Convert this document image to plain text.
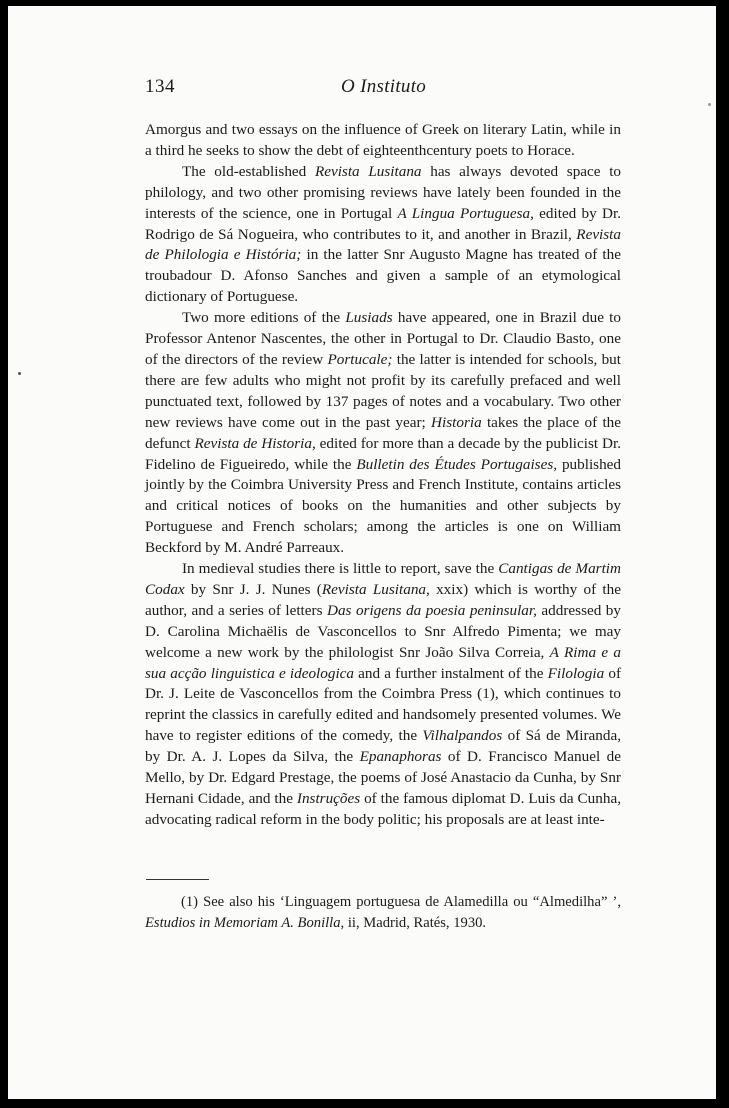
134	O Instituto

Amorgus and two essays on the influence of Greek on literary Latin, while in a third he seeks to show the debt of eighteenthcentury poets to Horace.

The old-established Revista Lusitana has always devoted space to philology, and two other promising reviews have lately been founded in the interests of the science, one in Portugal A Lingua Portuguesa, edited by Dr. Rodrigo de Sá Nogueira, who contributes to it, and another in Brazil, Revista de Philologia e História; in the latter Snr Augusto Magne has treated of the troubadour D. Afonso Sanches and given a sample of an etymological dictionary of Portuguese.

Two more editions of the Lusiads have appeared, one in Brazil due to Professor Antenor Nascentes, the other in Portugal to Dr. Claudio Basto, one of the directors of the review Portucale; the latter is intended for schools, but there are few adults who might not profit by its carefully prefaced and well punctuated text, followed by 137 pages of notes and a vocabulary. Two other new reviews have come out in the past year; Historia takes the place of the defunct Revista de Historia, edited for more than a decade by the publicist Dr. Fidelino de Figueiredo, while the Bulletin des Études Portugaises, published jointly by the Coimbra University Press and French Institute, contains articles and critical notices of books on the humanities and other subjects by Portuguese and French scholars; among the articles is one on William Beckford by M. André Parreaux.

In medieval studies there is little to report, save the Cantigas de Martim Codax by Snr J. J. Nunes (Revista Lusitana, xxix) which is worthy of the author, and a series of letters Das origens da poesia peninsular, addressed by D. Carolina Michaëlis de Vasconcellos to Snr Alfredo Pimenta; we may welcome a new work by the philologist Snr João Silva Correia, A Rima e a sua acção linguistica e ideologica and a further instalment of the Filologia of Dr. J. Leite de Vasconcellos from the Coimbra Press (1), which continues to reprint the classics in carefully edited and handsomely presented volumes. We have to register editions of the comedy, the Vilhalpandos of Sá de Miranda, by Dr. A. J. Lopes da Silva, the Epanaphoras of D. Francisco Manuel de Mello, by Dr. Edgard Prestage, the poems of José Anastacio da Cunha, by Snr Hernani Cidade, and the Instruções of the famous diplomat D. Luis da Cunha, advocating radical reform in the body politic; his proposals are at least inte-

(1) See also his ‘Linguagem portuguesa de Alamedilla ou “Almedilha” ’, Estudios in Memoriam A. Bonilla, ii, Madrid, Ratés, 1930.
